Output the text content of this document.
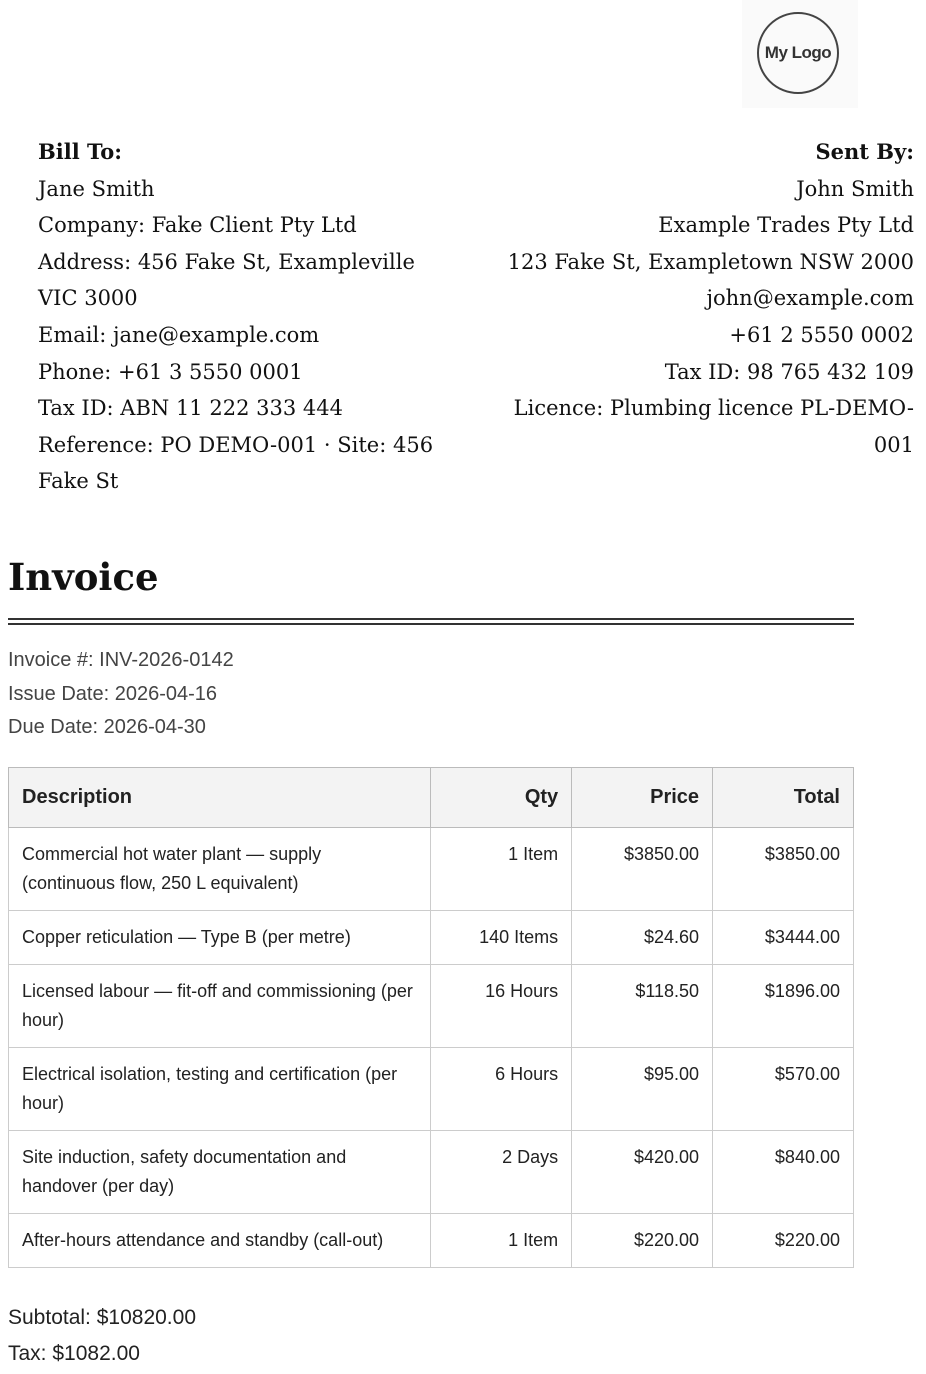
My Logo
Bill To:
Jane Smith
Company: Fake Client Pty Ltd
Address: 456 Fake St, Exampleville VIC 3000
Email: jane@example.com
Phone: +61 3 5550 0001
Tax ID: ABN 11 222 333 444
Reference: PO DEMO-001 · Site: 456 Fake St
Sent By:
John Smith
Example Trades Pty Ltd
123 Fake St, Exampletown NSW 2000
john@example.com
+61 2 5550 0002
Tax ID: 98 765 432 109
Licence: Plumbing licence PL-DEMO-001
Invoice
Invoice #: INV-2026-0142
Issue Date: 2026-04-16
Due Date: 2026-04-30
Description	Qty	Price	Total
Commercial hot water plant — supply (continuous flow, 250 L equivalent)	1 Item	$3850.00	$3850.00
Copper reticulation — Type B (per metre)	140 Items	$24.60	$3444.00
Licensed labour — fit-off and commissioning (per hour)	16 Hours	$118.50	$1896.00
Electrical isolation, testing and certification (per hour)	6 Hours	$95.00	$570.00
Site induction, safety documentation and handover (per day)	2 Days	$420.00	$840.00
After-hours attendance and standby (call-out)	1 Item	$220.00	$220.00
Subtotal: $10820.00
Tax: $1082.00
